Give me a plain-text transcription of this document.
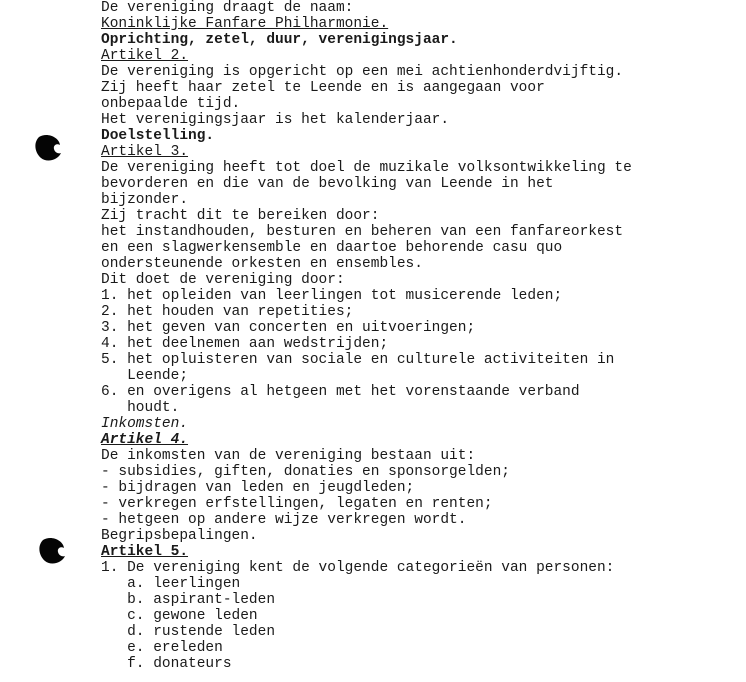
De vereniging draagt de naam:
Koninklijke Fanfare Philharmonie.
Oprichting, zetel, duur, verenigingsjaar.
Artikel 2.
De vereniging is opgericht op een mei achtienhonderdvijftig.
Zij heeft haar zetel te Leende en is aangegaan voor
onbepaalde tijd.
Het verenigingsjaar is het kalenderjaar.
Doelstelling.
Artikel 3.
De vereniging heeft tot doel de muzikale volksontwikkeling te
bevorderen en die van de bevolking van Leende in het
bijzonder.
Zij tracht dit te bereiken door:
het instandhouden, besturen en beheren van een fanfareorkest
en een slagwerkensemble en daartoe behorende casu quo
ondersteunende orkesten en ensembles.
Dit doet de vereniging door:
1. het opleiden van leerlingen tot musicerende leden;
2. het houden van repetities;
3. het geven van concerten en uitvoeringen;
4. het deelnemen aan wedstrijden;
5. het opluisteren van sociale en culturele activiteiten in
Leende;
6. en overigens al hetgeen met het vorenstaande verband
houdt.
Inkomsten.
Artikel 4.
De inkomsten van de vereniging bestaan uit:
- subsidies, giften, donaties en sponsorgelden;
- bijdragen van leden en jeugdleden;
- verkregen erfstellingen, legaten en renten;
- hetgeen op andere wijze verkregen wordt.
Begripsbepalingen.
Artikel 5.
1. De vereniging kent de volgende categorieën van personen:
a. leerlingen
b. aspirant-leden
c. gewone leden
d. rustende leden
e. ereleden
f. donateurs
